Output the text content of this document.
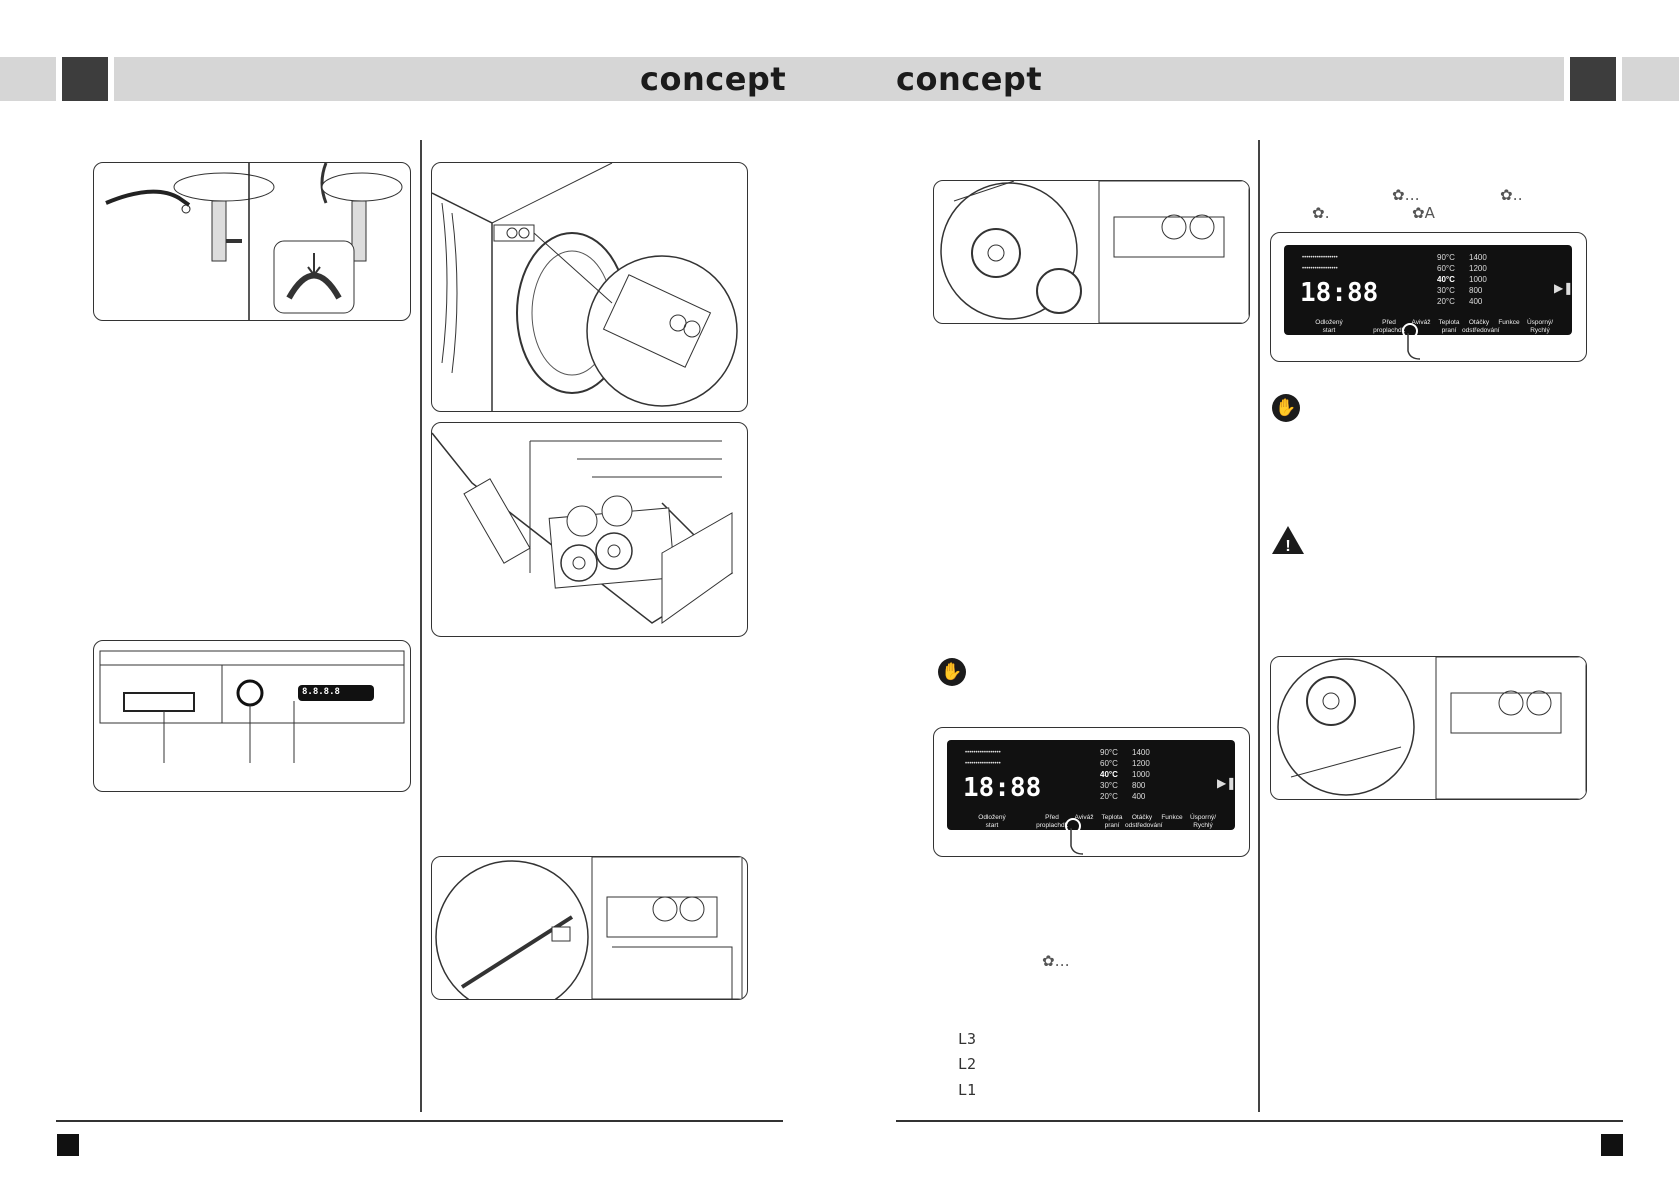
concept	concept
8.8.8.8
✋
•••••••••••••••••
•••••••••••••••••
18:88
90°C
60°C
40°C
30°C
20°C
1400
1200
1000
800
400
▶❚
Odložený
start
Před
proplachdk
Aviváž	Teplota
praní
Otáčky
odstředování
Funkce	Úsporný/
Rychlý
✿․․․
L3
L2
L1
✿․․․	✿․․
✿․	✿A
•••••••••••••••••
•••••••••••••••••
18:88
90°C
60°C
40°C
30°C
20°C
1400
1200
1000
800
400
▶❚
Odložený
start
Před
proplachdk
Aviváž	Teplota
praní
Otáčky
odstředování
Funkce	Úsporný/
Rychlý
✋
!
